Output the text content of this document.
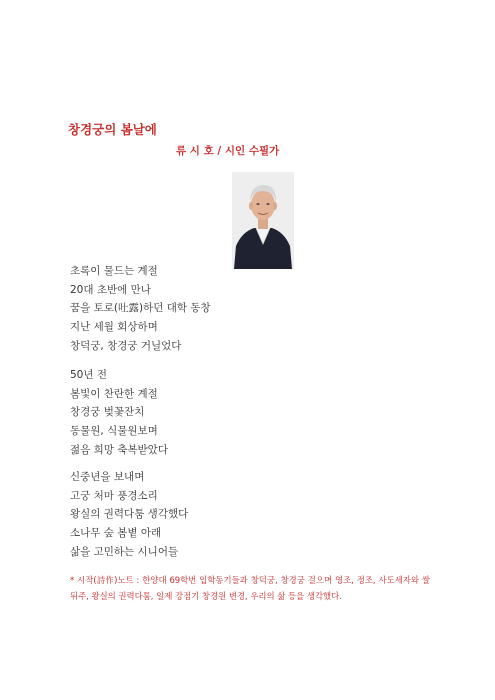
창경궁의 봄날에
류 시 호 / 시인 수필가
초록이 물드는 계절
20대 초반에 만나
꿈을 토로(吐露)하던 대학 동창
지난 세월 회상하며
창덕궁, 창경궁 거닐었다
50년 전
봄빛이 찬란한 계절
창경궁 벚꽃잔치
동물원, 식물원보며
젊음 희망 축복받았다
신중년을 보내며
고궁 처마 풍경소리
왕실의 권력다툼 생각했다
소나무 숲 봄볕 아래
삶을 고민하는 시니어들
* 시작(詩作)노트 : 한양대 69학번 입학동기들과 창덕궁, 창경궁 걸으며 영조, 정조, 사도세자와 쌀 뒤주, 왕실의 권력다툼, 일제 강점기 창경원 변경, 우리의 삶 등을 생각했다.
